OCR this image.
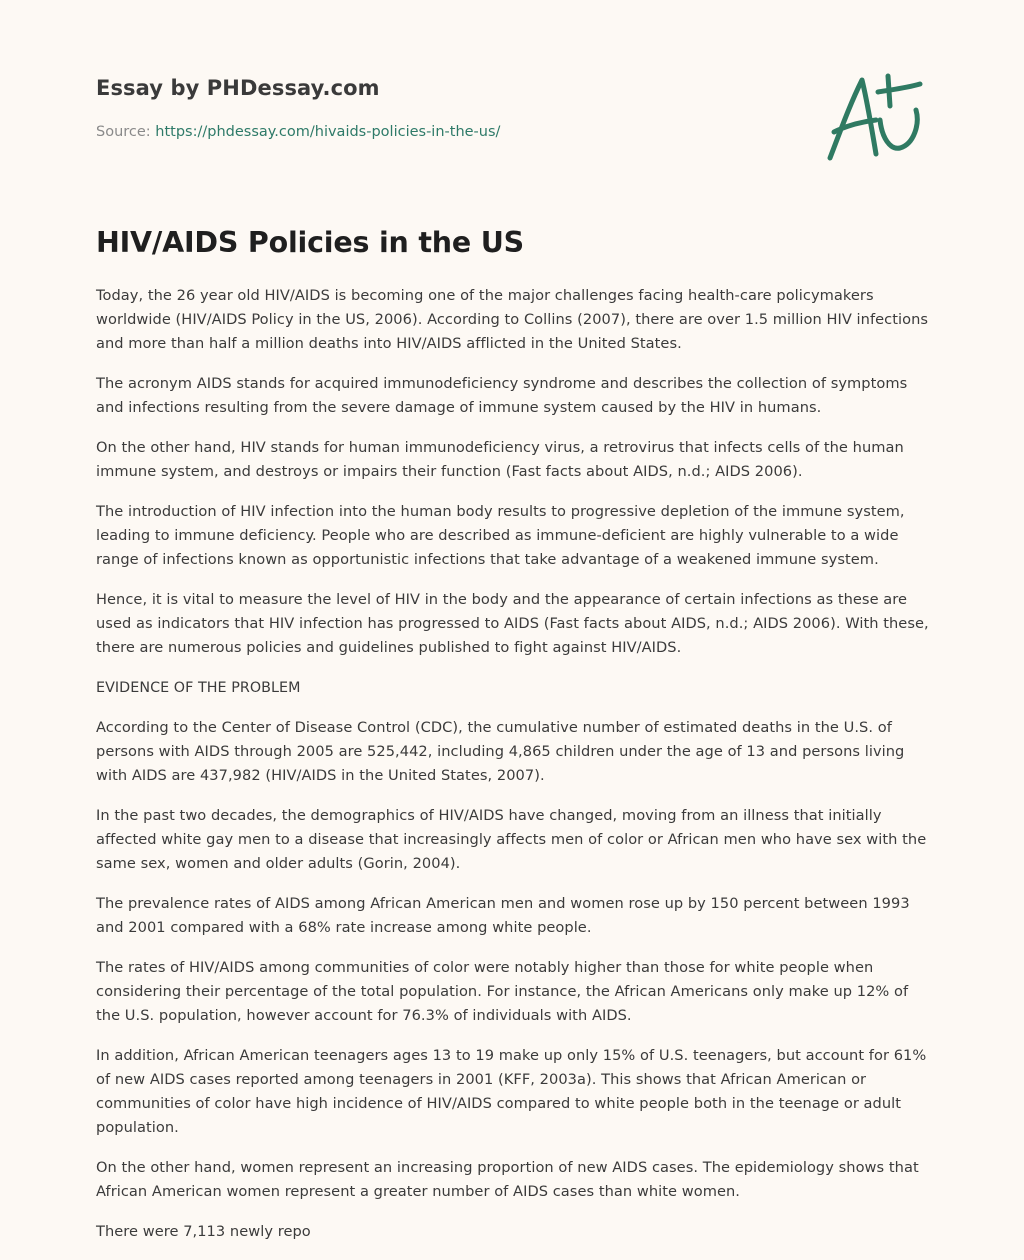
Essay by PHDessay.com
Source: https://phdessay.com/hivaids-policies-in-the-us/
HIV/AIDS Policies in the US

Today, the 26 year old HIV/AIDS is becoming one of the major challenges facing health-care policymakers worldwide (HIV/AIDS Policy in the US, 2006). According to Collins (2007), there are over 1.5 million HIV infections and more than half a million deaths into HIV/AIDS afflicted in the United States.

The acronym AIDS stands for acquired immunodeficiency syndrome and describes the collection of symptoms and infections resulting from the severe damage of immune system caused by the HIV in humans.

On the other hand, HIV stands for human immunodeficiency virus, a retrovirus that infects cells of the human immune system, and destroys or impairs their function (Fast facts about AIDS, n.d.; AIDS 2006).

The introduction of HIV infection into the human body results to progressive depletion of the immune system, leading to immune deficiency. People who are described as immune-deficient are highly vulnerable to a wide range of infections known as opportunistic infections that take advantage of a weakened immune system.

Hence, it is vital to measure the level of HIV in the body and the appearance of certain infections as these are used as indicators that HIV infection has progressed to AIDS (Fast facts about AIDS, n.d.; AIDS 2006). With these, there are numerous policies and guidelines published to fight against HIV/AIDS.

EVIDENCE OF THE PROBLEM

According to the Center of Disease Control (CDC), the cumulative number of estimated deaths in the U.S. of persons with AIDS through 2005 are 525,442, including 4,865 children under the age of 13 and persons living with AIDS are 437,982 (HIV/AIDS in the United States, 2007).

In the past two decades, the demographics of HIV/AIDS have changed, moving from an illness that initially affected white gay men to a disease that increasingly affects men of color or African men who have sex with the same sex, women and older adults (Gorin, 2004).

The prevalence rates of AIDS among African American men and women rose up by 150 percent between 1993 and 2001 compared with a 68% rate increase among white people.

The rates of HIV/AIDS among communities of color were notably higher than those for white people when considering their percentage of the total population. For instance, the African Americans only make up 12% of the U.S. population, however account for 76.3% of individuals with AIDS.

In addition, African American teenagers ages 13 to 19 make up only 15% of U.S. teenagers, but account for 61% of new AIDS cases reported among teenagers in 2001 (KFF, 2003a). This shows that African American or communities of color have high incidence of HIV/AIDS compared to white people both in the teenage or adult population.

On the other hand, women represent an increasing proportion of new AIDS cases. The epidemiology shows that African American women represent a greater number of AIDS cases than white women.

There were 7,113 newly repo
